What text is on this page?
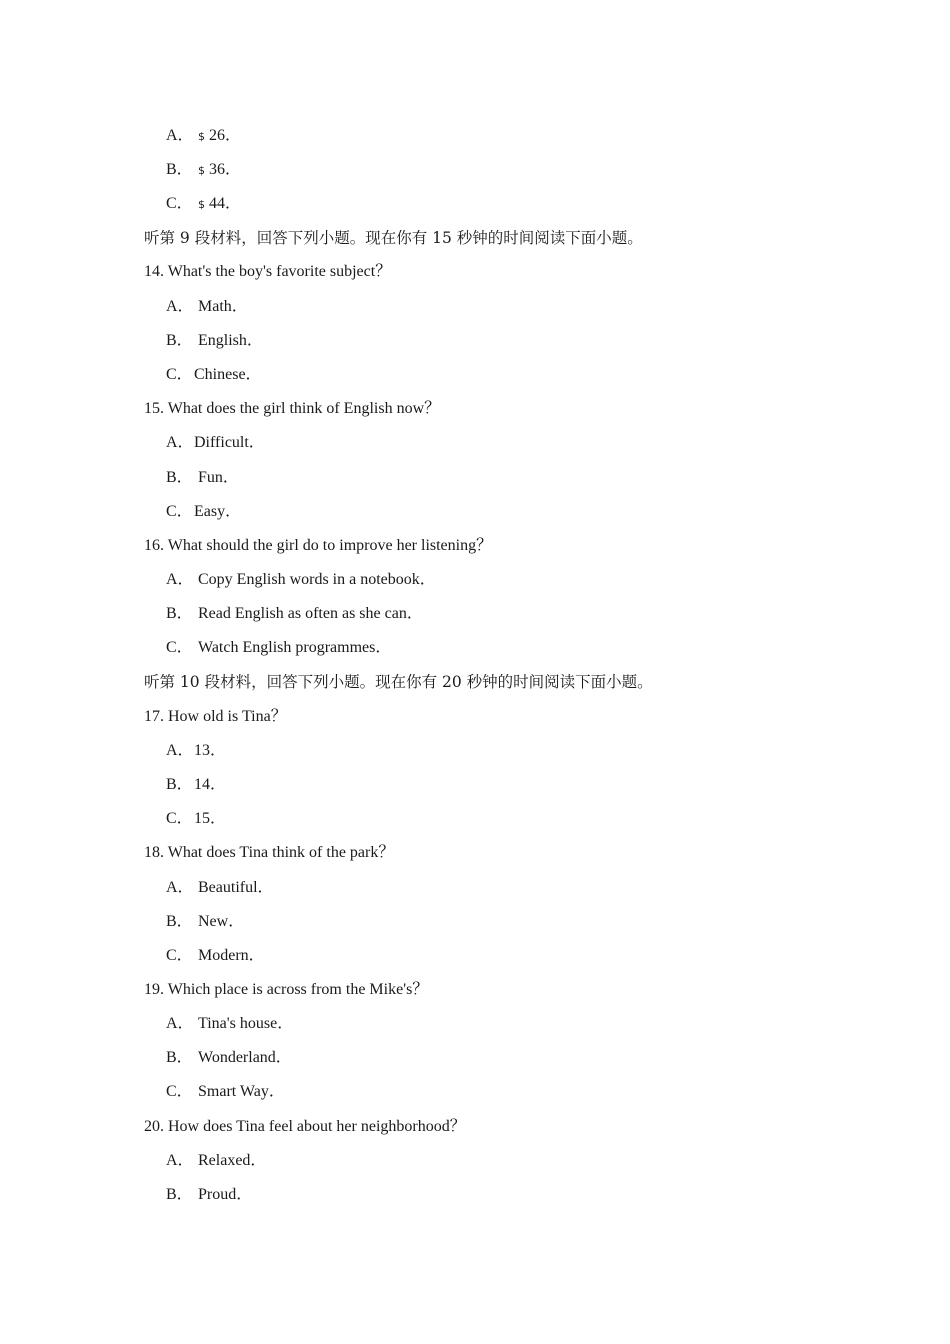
A． $ 26．
B． $ 36．
C． $ 44．
听第 9 段材料，回答下列小题。现在你有 15 秒钟的时间阅读下面小题。
14. What's the boy's favorite subject？
A． Math．
B． English．
C．Chinese．
15. What does the girl think of English now？
A．Difficult．
B． Fun．
C．Easy．
16. What should the girl do to improve her listening？
A． Copy English words in a notebook．
B． Read English as often as she can．
C． Watch English programmes．
听第 10 段材料，回答下列小题。现在你有 20 秒钟的时间阅读下面小题。
17. How old is Tina？
A．13．
B．14．
C．15．
18. What does Tina think of the park？
A． Beautiful．
B． New．
C． Modern．
19. Which place is across from the Mike's？
A． Tina's house．
B． Wonderland．
C． Smart Way．
20. How does Tina feel about her neighborhood？
A． Relaxed．
B． Proud．
